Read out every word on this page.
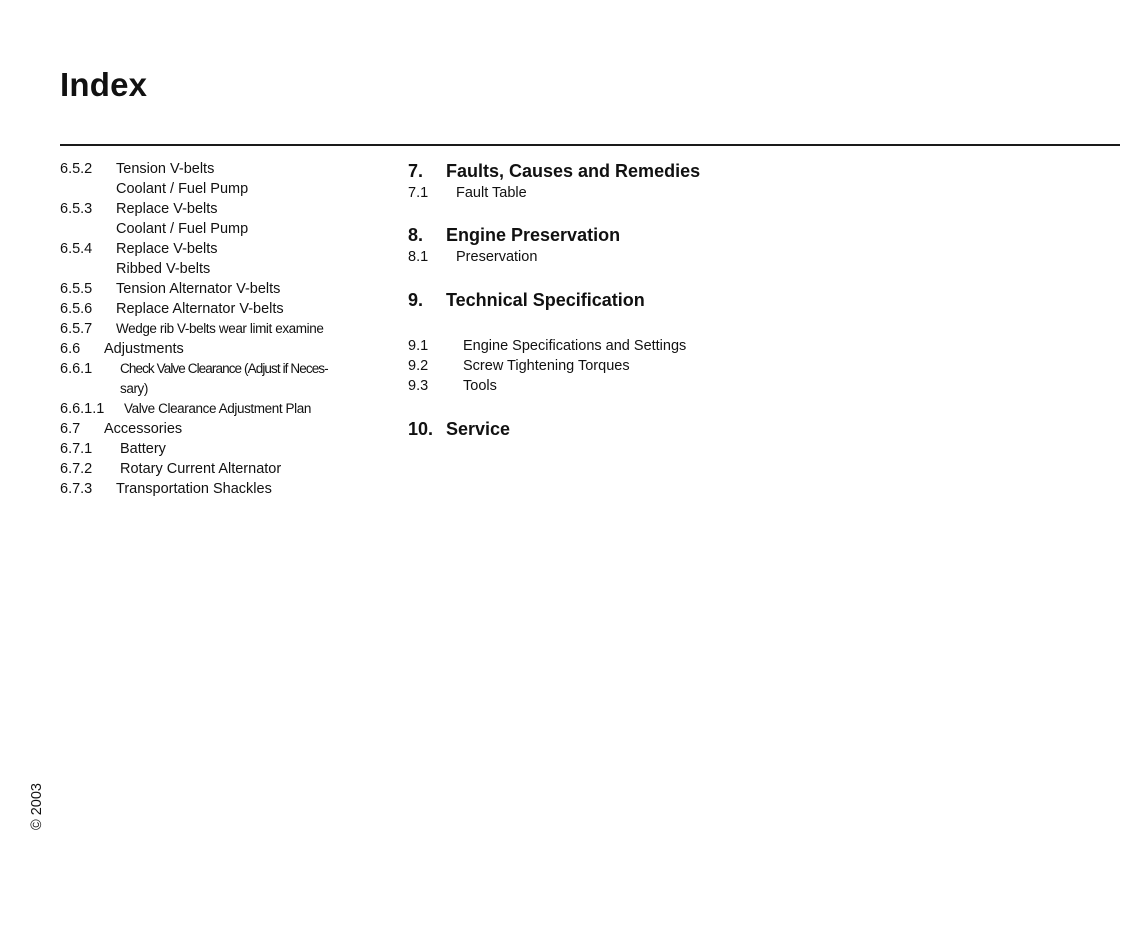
Index
6.5.2 Tension V-belts
Coolant / Fuel Pump
6.5.3 Replace V-belts
Coolant / Fuel Pump
6.5.4 Replace V-belts
Ribbed V-belts
6.5.5 Tension Alternator V-belts
6.5.6 Replace Alternator V-belts
6.5.7 Wedge rib V-belts wear limit examine
6.6 Adjustments
6.6.1 Check Valve Clearance (Adjust if Neces-
sary)
6.6.1.1 Valve Clearance Adjustment Plan
6.7 Accessories
6.7.1 Battery
6.7.2 Rotary Current Alternator
6.7.3 Transportation Shackles
7. Faults, Causes and Remedies
7.1 Fault Table
8. Engine Preservation
8.1 Preservation
9. Technical Specification
9.1 Engine Specifications and Settings
9.2 Screw Tightening Torques
9.3 Tools
10. Service
© 2003
